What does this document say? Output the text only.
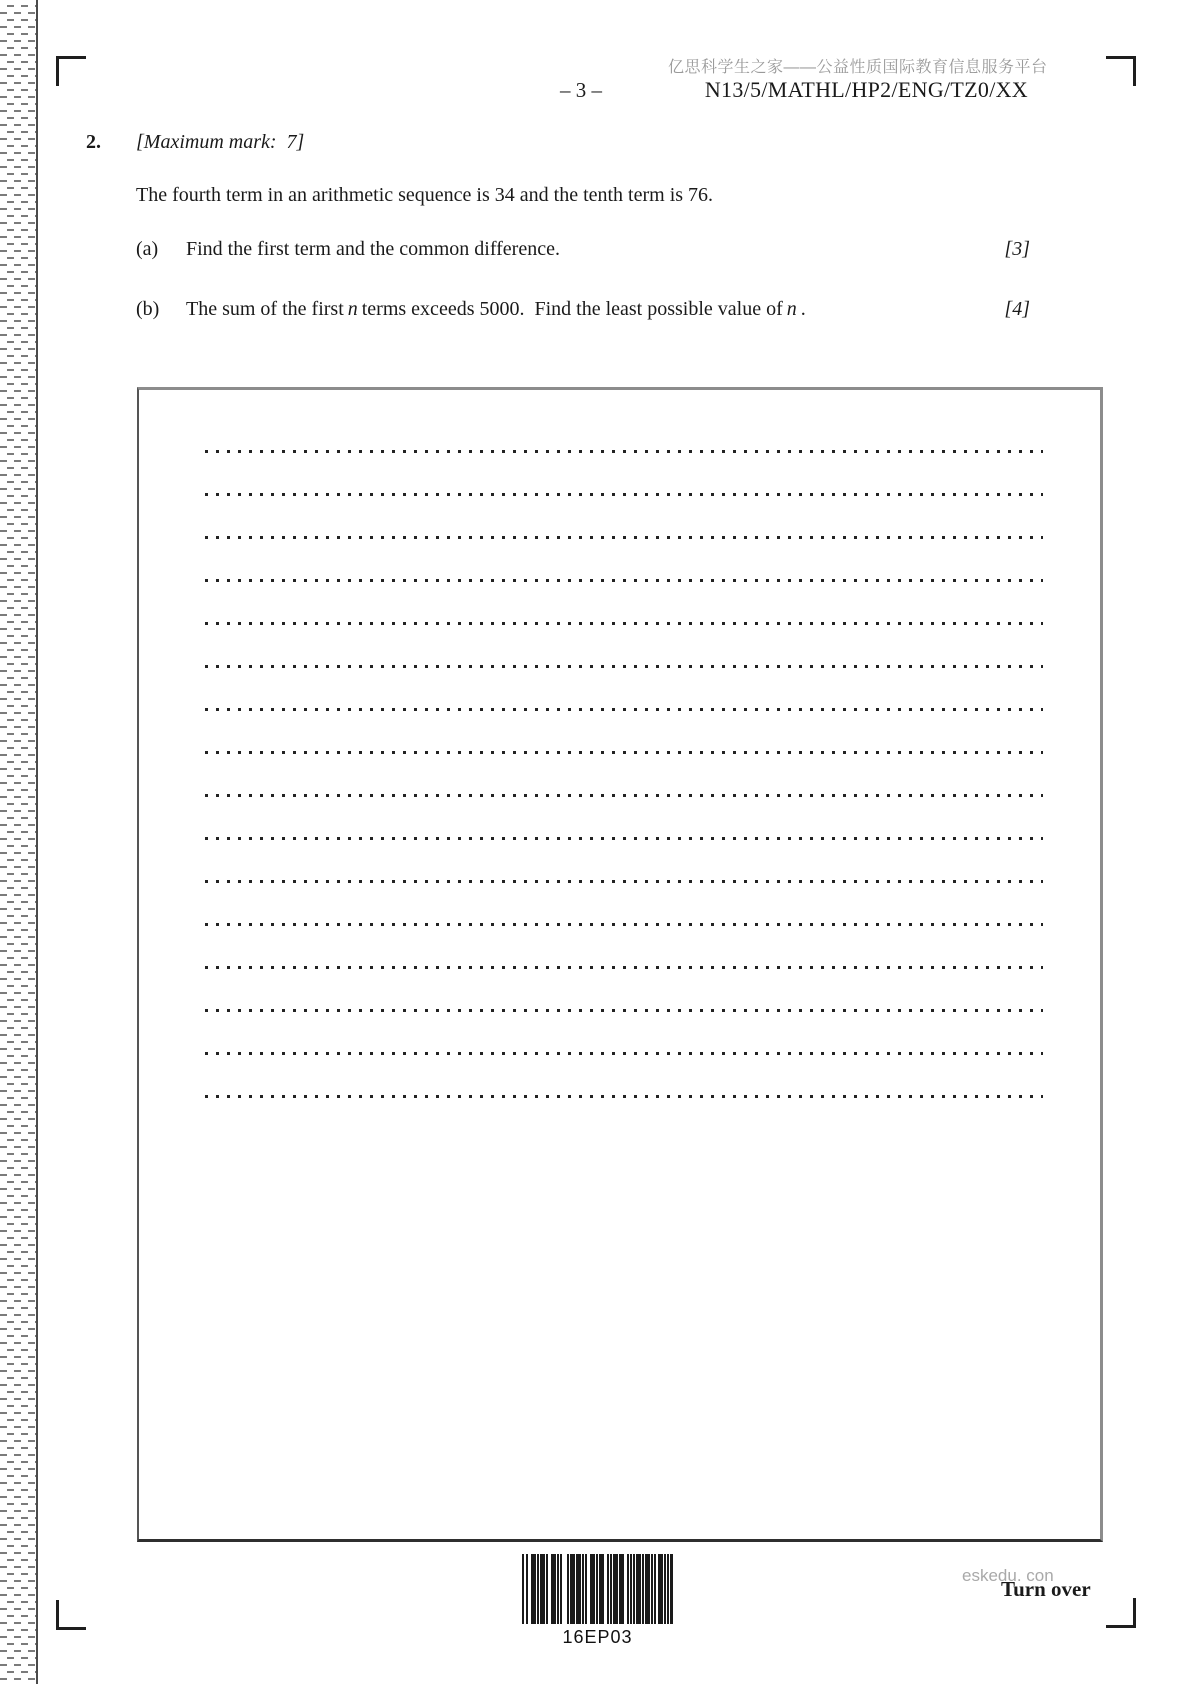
亿思科学生之家——公益性质国际教育信息服务平台
– 3 –	N13/5/MATHL/HP2/ENG/TZ0/XX
2. [Maximum mark:  7]
The fourth term in an arithmetic sequence is 34 and the tenth term is 76.
(a) Find the first term and the common difference.	[3]
(b) The sum of the first n terms exceeds 5000.  Find the least possible value of n .	[4]
16EP03
eskedu. con
Turn over
